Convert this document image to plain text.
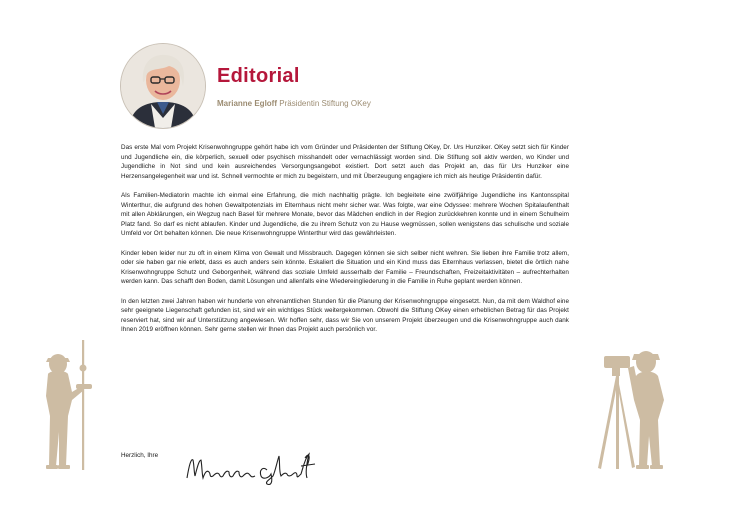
Editorial
Marianne Egloff Präsidentin Stiftung OKey

Das erste Mal vom Projekt Krisenwohngruppe gehört habe ich vom Gründer und Präsidenten der Stiftung OKey, Dr. Urs Hunziker. OKey setzt sich für Kinder und Jugendliche ein, die körperlich, sexuell oder psychisch misshandelt oder vernachlässigt worden sind. Die Stiftung soll aktiv werden, wo Kinder und Jugendliche in Not sind und kein ausreichendes Versorgungsangebot existiert. Dort setzt auch das Projekt an, das für Urs Hunziker eine Herzensangelegenheit war und ist. Schnell vermochte er mich zu begeistern, und mit Überzeugung engagiere ich mich als heutige Präsidentin dafür.

Als Familien-Mediatorin machte ich einmal eine Erfahrung, die mich nachhaltig prägte. Ich begleitete eine zwölfjährige Jugendliche ins Kantonsspital Winterthur, die aufgrund des hohen Gewaltpotenzials im Elternhaus nicht mehr sicher war. Was folgte, war eine Odyssee: mehrere Wochen Spitalaufenthalt mit allen Abklärungen, ein Wegzug nach Basel für mehrere Monate, bevor das Mädchen endlich in der Region zurückkehren konnte und in einem Schulheim Platz fand. So darf es nicht ablaufen. Kinder und Jugendliche, die zu ihrem Schutz von zu Hause wegmüssen, sollen wenigstens das schulische und soziale Umfeld vor Ort behalten können. Die neue Krisenwohngruppe Winterthur wird das gewährleisten.

Kinder leben leider nur zu oft in einem Klima von Gewalt und Missbrauch. Dagegen können sie sich selber nicht wehren. Sie lieben ihre Familie trotz allem, oder sie haben gar nie erlebt, dass es auch anders sein könnte. Eskaliert die Situation und ein Kind muss das Elternhaus verlassen, bietet die örtlich nahe Krisenwohngruppe Schutz und Geborgenheit, während das soziale Umfeld ausserhalb der Familie – Freundschaften, Freizeitaktivitäten – aufrechterhalten werden kann. Das schafft den Boden, damit Lösungen und allenfalls eine Wiedereingliederung in die Familie in Ruhe geplant werden können.

In den letzten zwei Jahren haben wir hunderte von ehrenamtlichen Stunden für die Planung der Krisenwohngruppe eingesetzt. Nun, da mit dem Waldhof eine sehr geeignete Liegenschaft gefunden ist, sind wir ein wichtiges Stück weitergekommen. Obwohl die Stiftung OKey einen erheblichen Betrag für das Projekt reserviert hat, sind wir auf Unterstützung angewiesen. Wir hoffen sehr, dass wir Sie von unserem Projekt überzeugen und die Krisenwohngruppe auch dank Ihnen 2019 eröffnen können. Sehr gerne stellen wir Ihnen das Projekt auch persönlich vor.

Herzlich, Ihre
